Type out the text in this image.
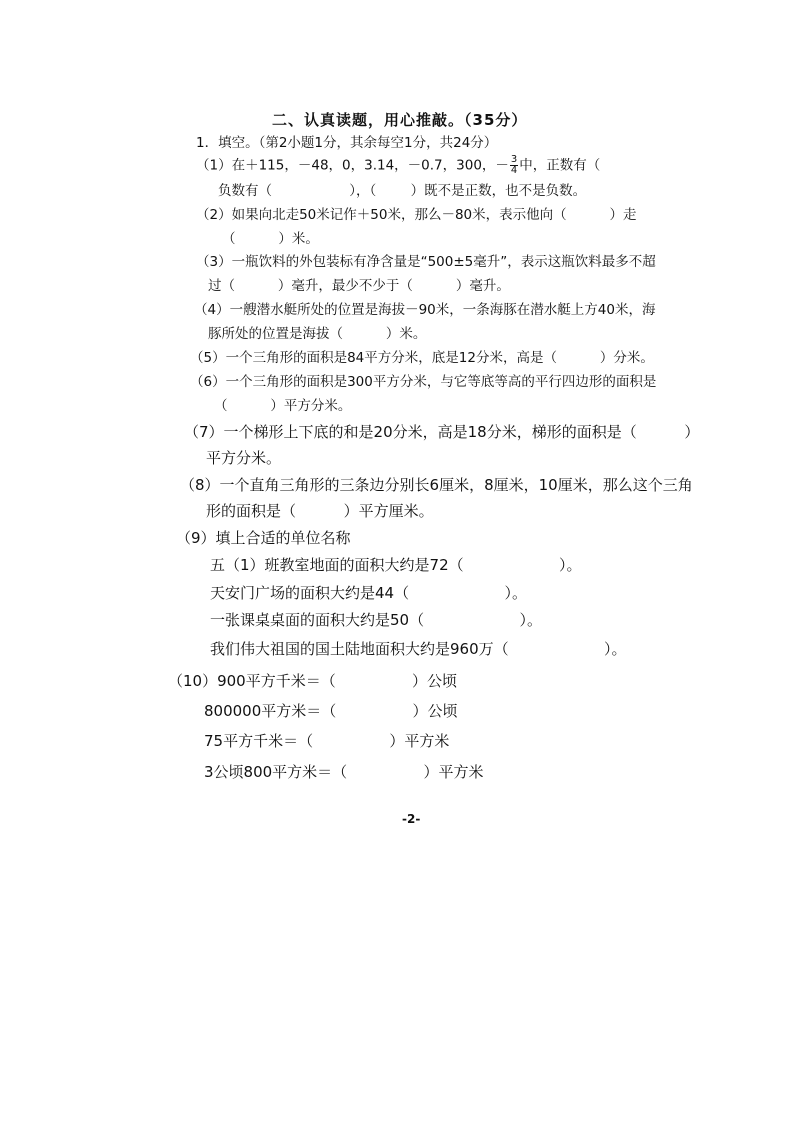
二、认真读题，用心推敲。（35分）
1．填空。（第2小题1分，其余每空1分，共24分）
（1）在＋115，－48，0，3.14，－0.7，300，－ $\frac{3}{4}$ 中，正数有（
负数有（                  ），（        ）既不是正数，也不是负数。
（2）如果向北走50米记作＋50米，那么－80米，表示他向（          ）走
（          ）米。
（3）一瓶饮料的外包装标有净含量是“500±5毫升”，表示这瓶饮料最多不超
过（          ）毫升，最少不少于（          ）毫升。
（4）一艘潜水艇所处的位置是海拔－90米，一条海豚在潜水艇上方40米，海
豚所处的位置是海拔（          ）米。
（5）一个三角形的面积是84平方分米，底是12分米，高是（          ）分米。
（6）一个三角形的面积是300平方分米，与它等底等高的平行四边形的面积是
（          ）平方分米。
（7）一个梯形上下底的和是20分米，高是18分米，梯形的面积是（          ）
平方分米。
（8）一个直角三角形的三条边分别长6厘米，8厘米，10厘米，那么这个三角
形的面积是（          ）平方厘米。
（9）填上合适的单位名称
五（1）班教室地面的面积大约是72（                    ）。
天安门广场的面积大约是44（                    ）。
一张课桌桌面的面积大约是50（                    ）。
我们伟大祖国的国土陆地面积大约是960万（                    ）。
（10）900平方千米＝（                ）公顷
800000平方米＝（                ）公顷
75平方千米＝（                ）平方米
3公顷800平方米＝（                ）平方米
-2-
